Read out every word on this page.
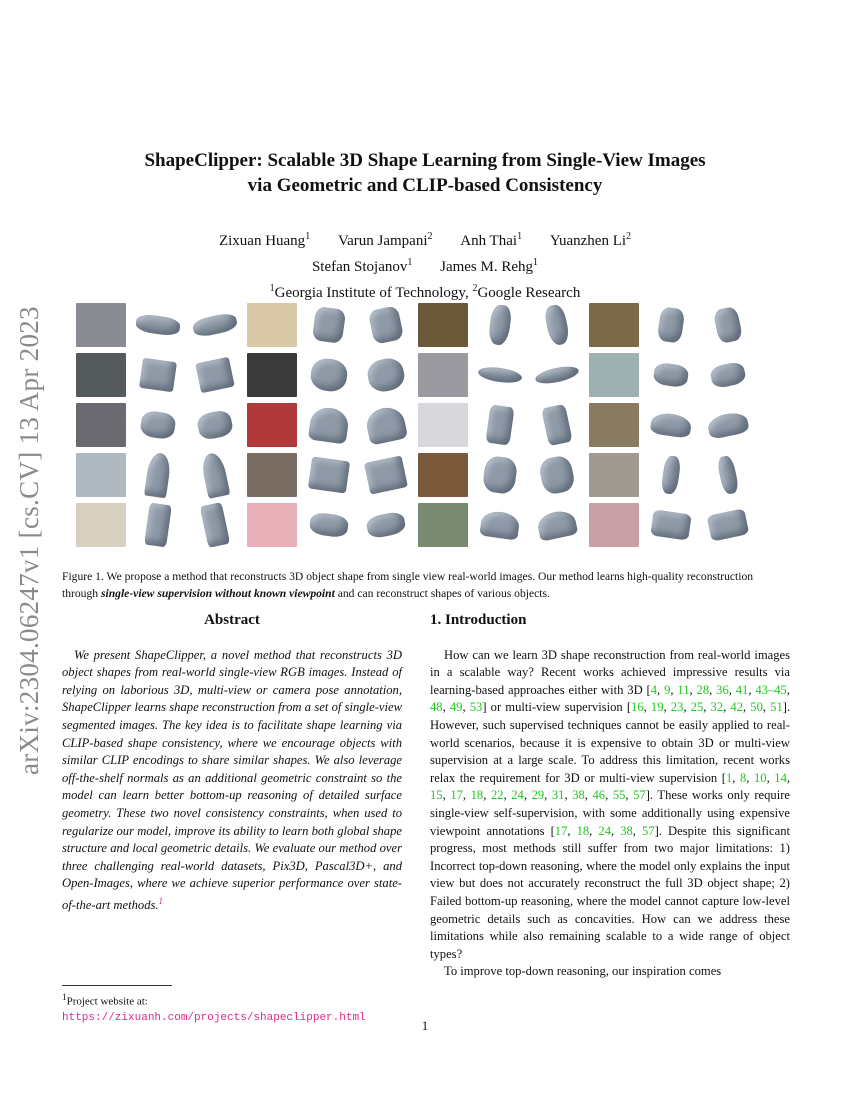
arXiv:2304.06247v1 [cs.CV] 13 Apr 2023
ShapeClipper: Scalable 3D Shape Learning from Single-View Images
via Geometric and CLIP-based Consistency
Zixuan Huang$^1$ Varun Jampani$^2$ Anh Thai$^1$ Yuanzhen Li$^2$
Stefan Stojanov$^1$ James M. Rehg$^1$
$^1$Georgia Institute of Technology, $^2$Google Research
Figure 1. We propose a method that reconstructs 3D object shape from single view real-world images. Our method learns high-quality reconstruction through single-view supervision without known viewpoint and can reconstruct shapes of various objects.
Abstract

We present ShapeClipper, a novel method that reconstructs 3D object shapes from real-world single-view RGB images. Instead of relying on laborious 3D, multi-view or camera pose annotation, ShapeClipper learns shape reconstruction from a set of single-view segmented images. The key idea is to facilitate shape learning via CLIP-based shape consistency, where we encourage objects with similar CLIP encodings to share similar shapes. We also leverage off-the-shelf normals as an additional geometric constraint so the model can learn better bottom-up reasoning of detailed surface geometry. These two novel consistency constraints, when used to regularize our model, improve its ability to learn both global shape structure and local geometric details. We evaluate our method over three challenging real-world datasets, Pix3D, Pascal3D+, and Open-Images, where we achieve superior performance over state-of-the-art methods.$^1$

$^1$Project website at: https://zixuanh.com/projects/shapeclipper.html
1. Introduction

How can we learn 3D shape reconstruction from real-world images in a scalable way? Recent works achieved impressive results via learning-based approaches either with 3D [4, 9, 11, 28, 36, 41, 43–45, 48, 49, 53] or multi-view supervision [16, 19, 23, 25, 32, 42, 50, 51]. However, such supervised techniques cannot be easily applied to real-world scenarios, because it is expensive to obtain 3D or multi-view supervision at a large scale. To address this limitation, recent works relax the requirement for 3D or multi-view supervision [1, 8, 10, 14, 15, 17, 18, 22, 24, 29, 31, 38, 46, 55, 57]. These works only require single-view self-supervision, with some additionally using expensive viewpoint annotations [17, 18, 24, 38, 57]. Despite this significant progress, most methods still suffer from two major limitations: 1) Incorrect top-down reasoning, where the model only explains the input view but does not accurately reconstruct the full 3D object shape; 2) Failed bottom-up reasoning, where the model cannot capture low-level geometric details such as concavities. How can we address these limitations while also remaining scalable to a wide range of object types?

To improve top-down reasoning, our inspiration comes

1
